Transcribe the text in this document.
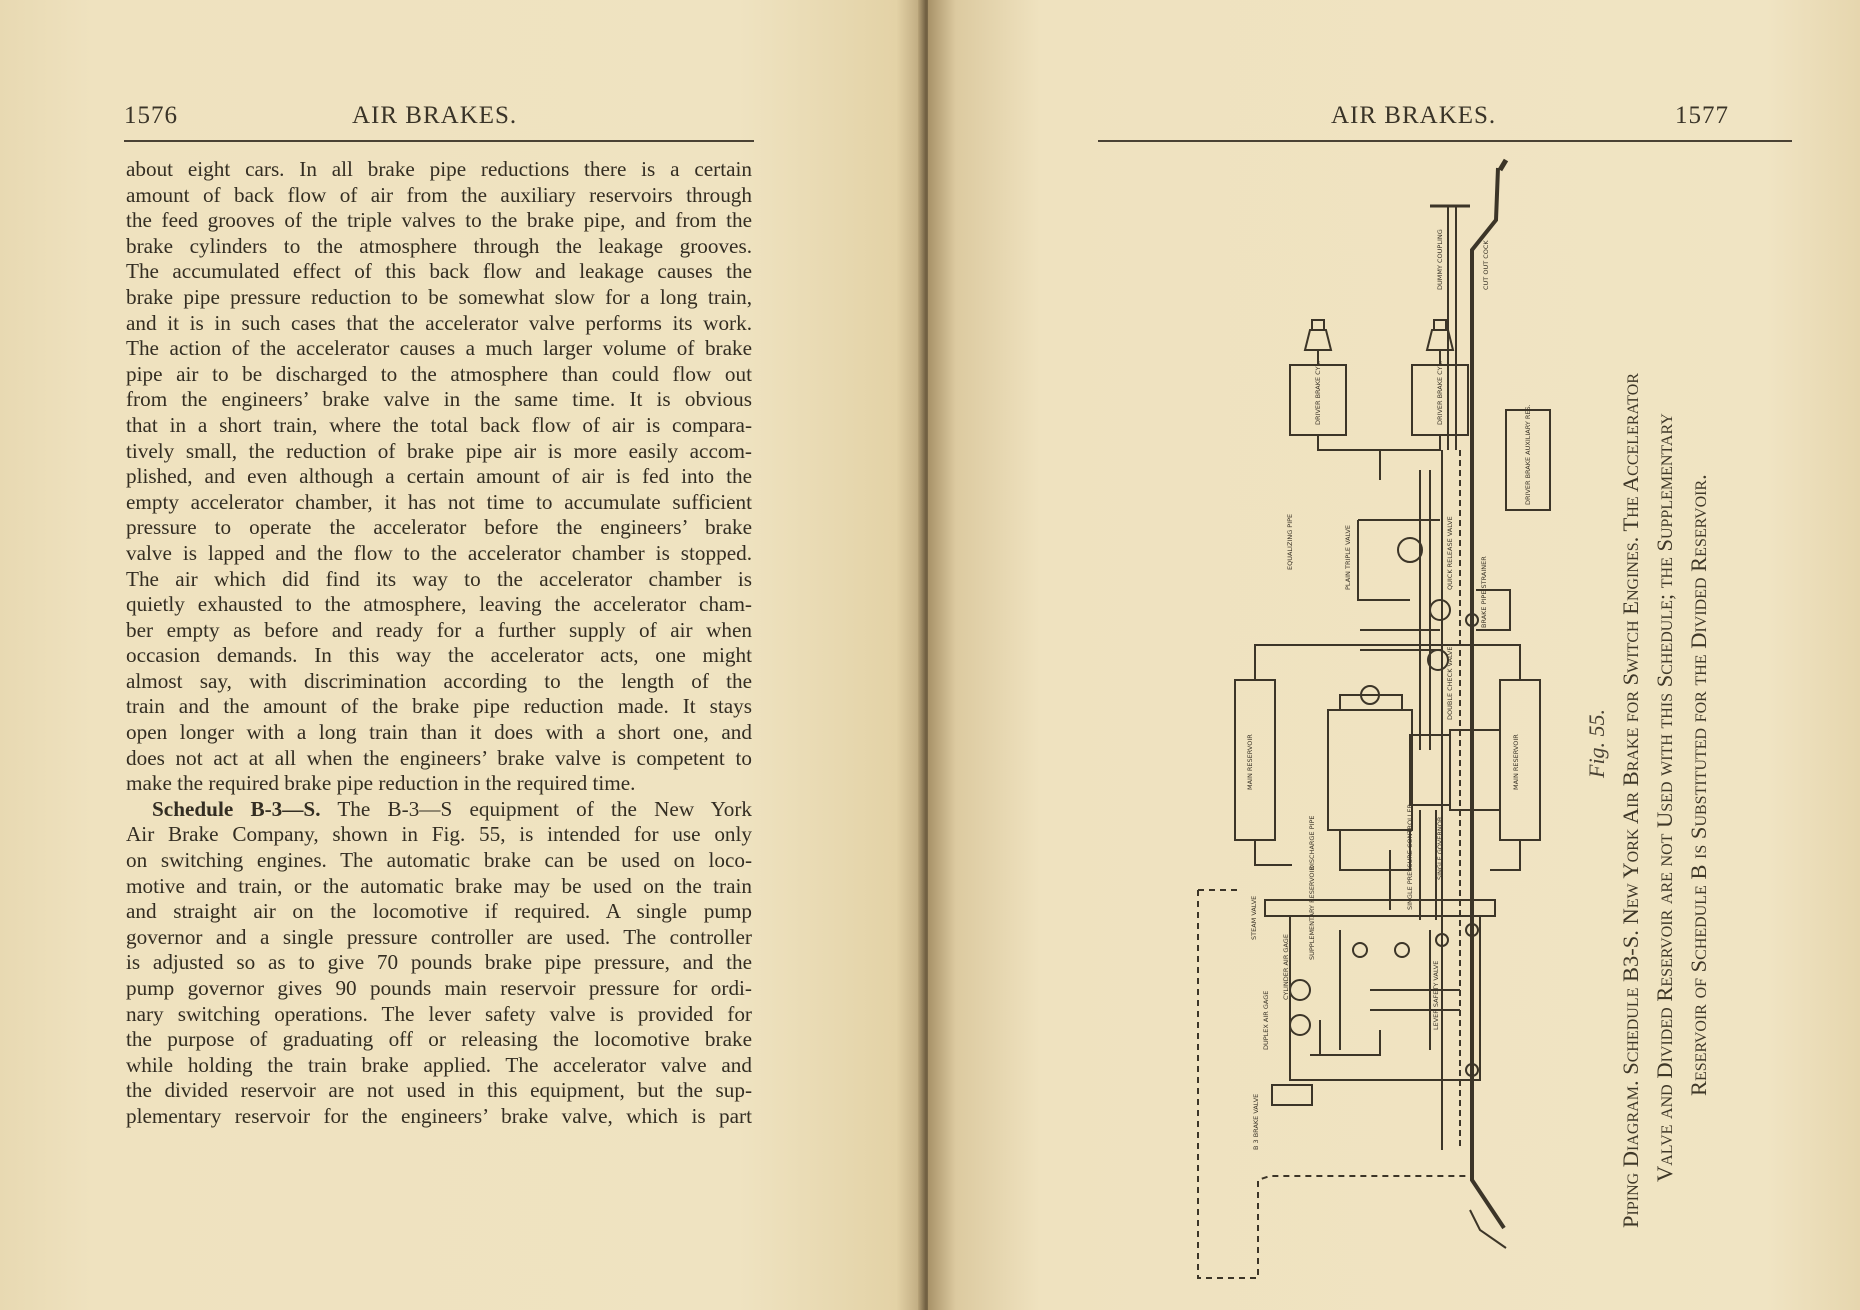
1576	AIR BRAKES.

about eight cars. In all brake pipe reductions there is a certain

amount of back flow of air from the auxiliary reservoirs through

the feed grooves of the triple valves to the brake pipe, and from the

brake cylinders to the atmosphere through the leakage grooves.

The accumulated effect of this back flow and leakage causes the

brake pipe pressure reduction to be somewhat slow for a long train,

and it is in such cases that the accelerator valve performs its work.

The action of the accelerator causes a much larger volume of brake

pipe air to be discharged to the atmosphere than could flow out

from the engineers’ brake valve in the same time. It is obvious

that in a short train, where the total back flow of air is compara-

tively small, the reduction of brake pipe air is more easily accom-

plished, and even although a certain amount of air is fed into the

empty accelerator chamber, it has not time to accumulate sufficient

pressure to operate the accelerator before the engineers’ brake

valve is lapped and the flow to the accelerator chamber is stopped.

The air which did find its way to the accelerator chamber is

quietly exhausted to the atmosphere, leaving the accelerator cham-

ber empty as before and ready for a further supply of air when

occasion demands. In this way the accelerator acts, one might

almost say, with discrimination according to the length of the

train and the amount of the brake pipe reduction made. It stays

open longer with a long train than it does with a short one, and

does not act at all when the engineers’ brake valve is competent to

make the required brake pipe reduction in the required time.

Schedule B-3—S. The B-3—S equipment of the New York

Air Brake Company, shown in Fig. 55, is intended for use only

on switching engines. The automatic brake can be used on loco-

motive and train, or the automatic brake may be used on the train

and straight air on the locomotive if required. A single pump

governor and a single pressure controller are used. The controller

is adjusted so as to give 70 pounds brake pipe pressure, and the

pump governor gives 90 pounds main reservoir pressure for ordi-

nary switching operations. The lever safety valve is provided for

the purpose of graduating off or releasing the locomotive brake

while holding the train brake applied. The accelerator valve and

the divided reservoir are not used in this equipment, but the sup-

plementary reservoir for the engineers’ brake valve, which is part

AIR BRAKES.	1577
MAIN RESERVOIR	MAIN RESERVOIR
DRIVER BRAKE CYL.	DRIVER BRAKE CYL.
DRIVER BRAKE AUXILIARY RES.
EQUALIZING PIPE	PLAIN TRIPLE VALVE	QUICK RELEASE VALVE
DOUBLE CHECK VALVE
BRAKE PIPE STRAINER
DUMMY COUPLING	CUT OUT COCK
DISCHARGE PIPE	SINGLE PRESSURE CONTROLLER	SINGLE GOVERNOR
STEAM VALVE
DUPLEX AIR GAGE
CYLINDER AIR GAGE
SUPPLEMENTARY RESERVOIR
LEVER SAFETY VALVE
B 3 BRAKE VALVE
Fig. 55. Piping Diagram. Schedule B3-S. New York Air Brake for Switch Engines. The Accelerator Valve and Divided Reservoir are not Used with this Schedule; the Supplementary Reservoir of Schedule B is Substituted for the Divided Reservoir.
